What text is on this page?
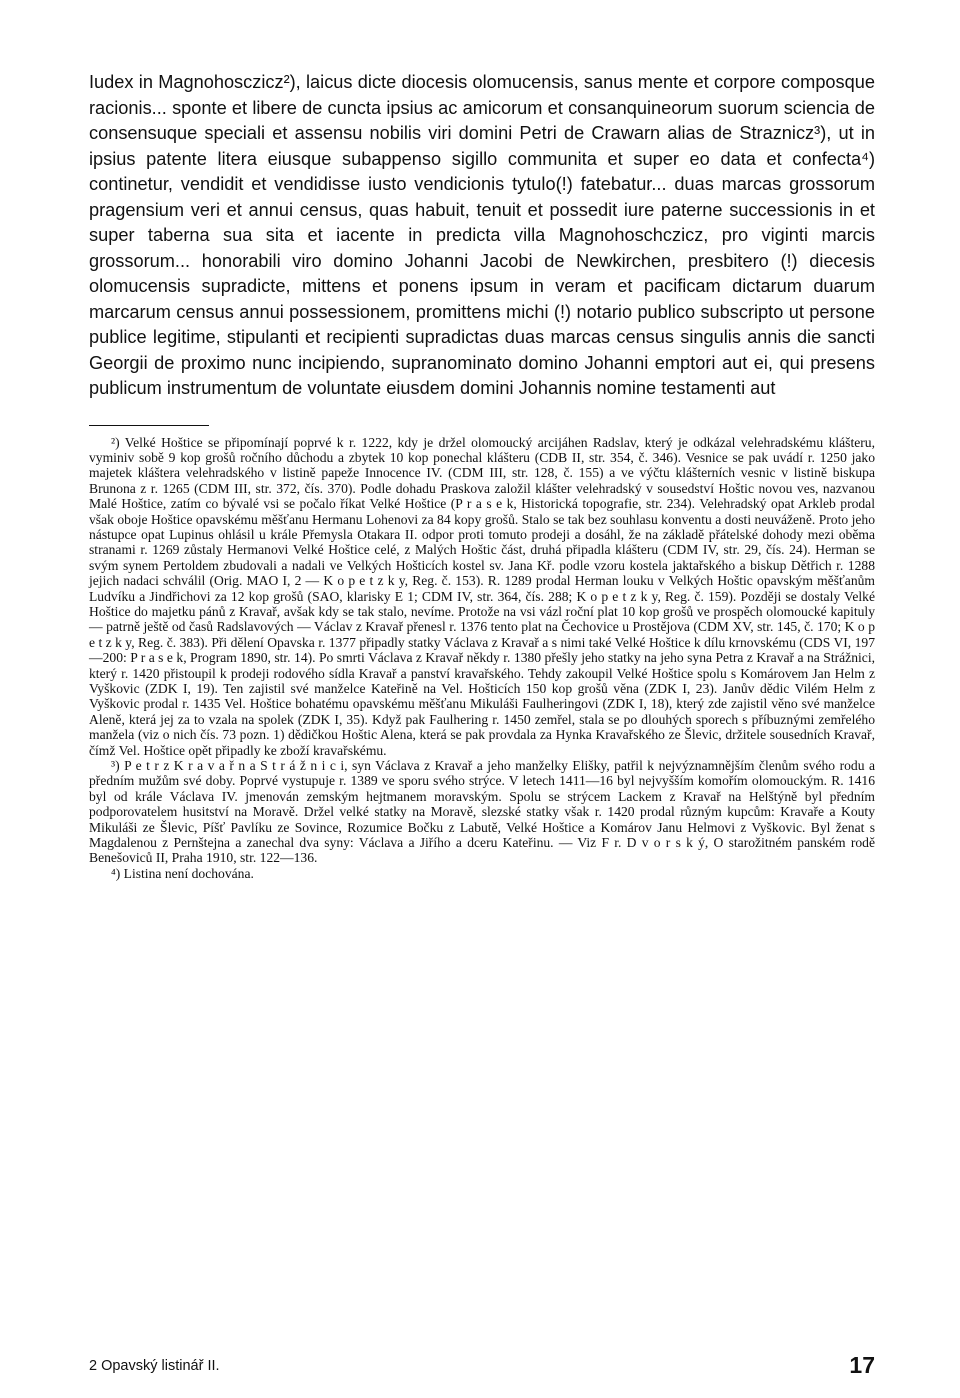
Iudex in Magnohosczicz²), laicus dicte diocesis olomucensis, sanus mente et corpore composque racionis... sponte et libere de cuncta ipsius ac amicorum et consanquineorum suorum sciencia de consensuque speciali et assensu nobilis viri domini Petri de Crawarn alias de Straznicz³), ut in ipsius patente litera eiusque subappenso sigillo communita et super eo data et confecta⁴) continetur, vendidit et vendidisse iusto vendicionis tytulo(!) fatebatur... duas marcas grossorum pragensium veri et annui census, quas habuit, tenuit et possedit iure paterne successionis in et super taberna sua sita et iacente in predicta villa Magnohoschczicz, pro viginti marcis grossorum... honorabili viro domino Johanni Jacobi de Newkirchen, presbitero (!) diecesis olomucensis supradicte, mittens et ponens ipsum in veram et pacificam dictarum duarum marcarum census annui possessionem, promittens michi (!) notario publico subscripto ut persone publice legitime, stipulanti et recipienti supradictas duas marcas census singulis annis die sancti Georgii de proximo nunc incipiendo, supranominato domino Johanni emptori aut ei, qui presens publicum instrumentum de voluntate eiusdem domini Johannis nomine testamenti aut

²) Velké Hoštice se připomínají poprvé k r. 1222, kdy je držel olomoucký arcijáhen Radslav, který je odkázal velehradskému klášteru, vyminiv sobě 9 kop grošů ročního důchodu a zbytek 10 kop ponechal klášteru (CDB II, str. 354, č. 346). Vesnice se pak uvádí r. 1250 jako majetek kláštera velehradského v listině papeže Innocence IV. (CDM III, str. 128, č. 155) a ve výčtu klášterních vesnic v listině biskupa Brunona z r. 1265 (CDM III, str. 372, čís. 370). Podle dohadu Praskova založil klášter velehradský v sousedství Hoštic novou ves, nazvanou Malé Hoštice, zatím co bývalé vsi se počalo říkat Velké Hoštice (P r a s e k, Historická topografie, str. 234). Velehradský opat Arkleb prodal však oboje Hoštice opavskému měšťanu Hermanu Lohenovi za 84 kopy grošů. Stalo se tak bez souhlasu konventu a dosti neuváženě. Proto jeho nástupce opat Lupinus ohlásil u krále Přemysla Otakara II. odpor proti tomuto prodeji a dosáhl, že na základě přátelské dohody mezi oběma stranami r. 1269 zůstaly Hermanovi Velké Hoštice celé, z Malých Hoštic část, druhá připadla klášteru (CDM IV, str. 29, čís. 24). Herman se svým synem Pertoldem zbudovali a nadali ve Velkých Hošticích kostel sv. Jana Kř. podle vzoru kostela jaktařského a biskup Dětřich r. 1288 jejich nadaci schválil (Orig. MAO I, 2 — K o p e t z k y, Reg. č. 153). R. 1289 prodal Herman louku v Velkých Hoštic opavským měšťanům Ludvíku a Jindřichovi za 12 kop grošů (SAO, klarisky E 1; CDM IV, str. 364, čís. 288; K o p e t z k y, Reg. č. 159). Později se dostaly Velké Hoštice do majetku pánů z Kravař, avšak kdy se tak stalo, nevíme. Protože na vsi vázl roční plat 10 kop grošů ve prospěch olomoucké kapituly — patrně ještě od časů Radslavových — Václav z Kravař přenesl r. 1376 tento plat na Čechovice u Prostějova (CDM XV, str. 145, č. 170; K o p e t z k y, Reg. č. 383). Při dělení Opavska r. 1377 připadly statky Václava z Kravař a s nimi také Velké Hoštice k dílu krnovskému (CDS VI, 197—200: P r a s e k, Program 1890, str. 14). Po smrti Václava z Kravař někdy r. 1380 přešly jeho statky na jeho syna Petra z Kravař a na Strážnici, který r. 1420 přistoupil k prodeji rodového sídla Kravař a panství kravařského. Tehdy zakoupil Velké Hoštice spolu s Komárovem Jan Helm z Vyškovic (ZDK I, 19). Ten zajistil své manželce Kateřině na Vel. Hošticích 150 kop grošů věna (ZDK I, 23). Janův dědic Vilém Helm z Vyškovic prodal r. 1435 Vel. Hoštice bohatému opavskému měšťanu Mikuláši Faulheringovi (ZDK I, 18), který zde zajistil věno své manželce Aleně, která jej za to vzala na spolek (ZDK I, 35). Když pak Faulhering r. 1450 zemřel, stala se po dlouhých sporech s příbuznými zemřelého manžela (viz o nich čís. 73 pozn. 1) dědičkou Hoštic Alena, která se pak provdala za Hynka Kravařského ze Šlevic, držitele sousedních Kravař, čímž Vel. Hoštice opět připadly ke zboží kravařskému.

³) P e t r z K r a v a ř n a S t r á ž n i c i, syn Václava z Kravař a jeho manželky Elišky, patřil k nejvýznamnějším členům svého rodu a předním mužům své doby. Poprvé vystupuje r. 1389 ve sporu svého strýce. V letech 1411—16 byl nejvyšším komořím olomouckým. R. 1416 byl od krále Václava IV. jmenován zemským hejtmanem moravským. Spolu se strýcem Lackem z Kravař na Helštýně byl předním podporovatelem husitství na Moravě. Držel velké statky na Moravě, slezské statky však r. 1420 prodal různým kupcům: Kravaře a Kouty Mikuláši ze Šlevic, Píšť Pavlíku ze Sovince, Rozumice Bočku z Labutě, Velké Hoštice a Komárov Janu Helmovi z Vyškovic. Byl ženat s Magdalenou z Pernštejna a zanechal dva syny: Václava a Jiřího a dceru Kateřinu. — Viz F r. D v o r s k ý, O starožitném panském rodě Benešoviců II, Praha 1910, str. 122—136.

⁴) Listina není dochována.

2 Opavský listinář II.	17
